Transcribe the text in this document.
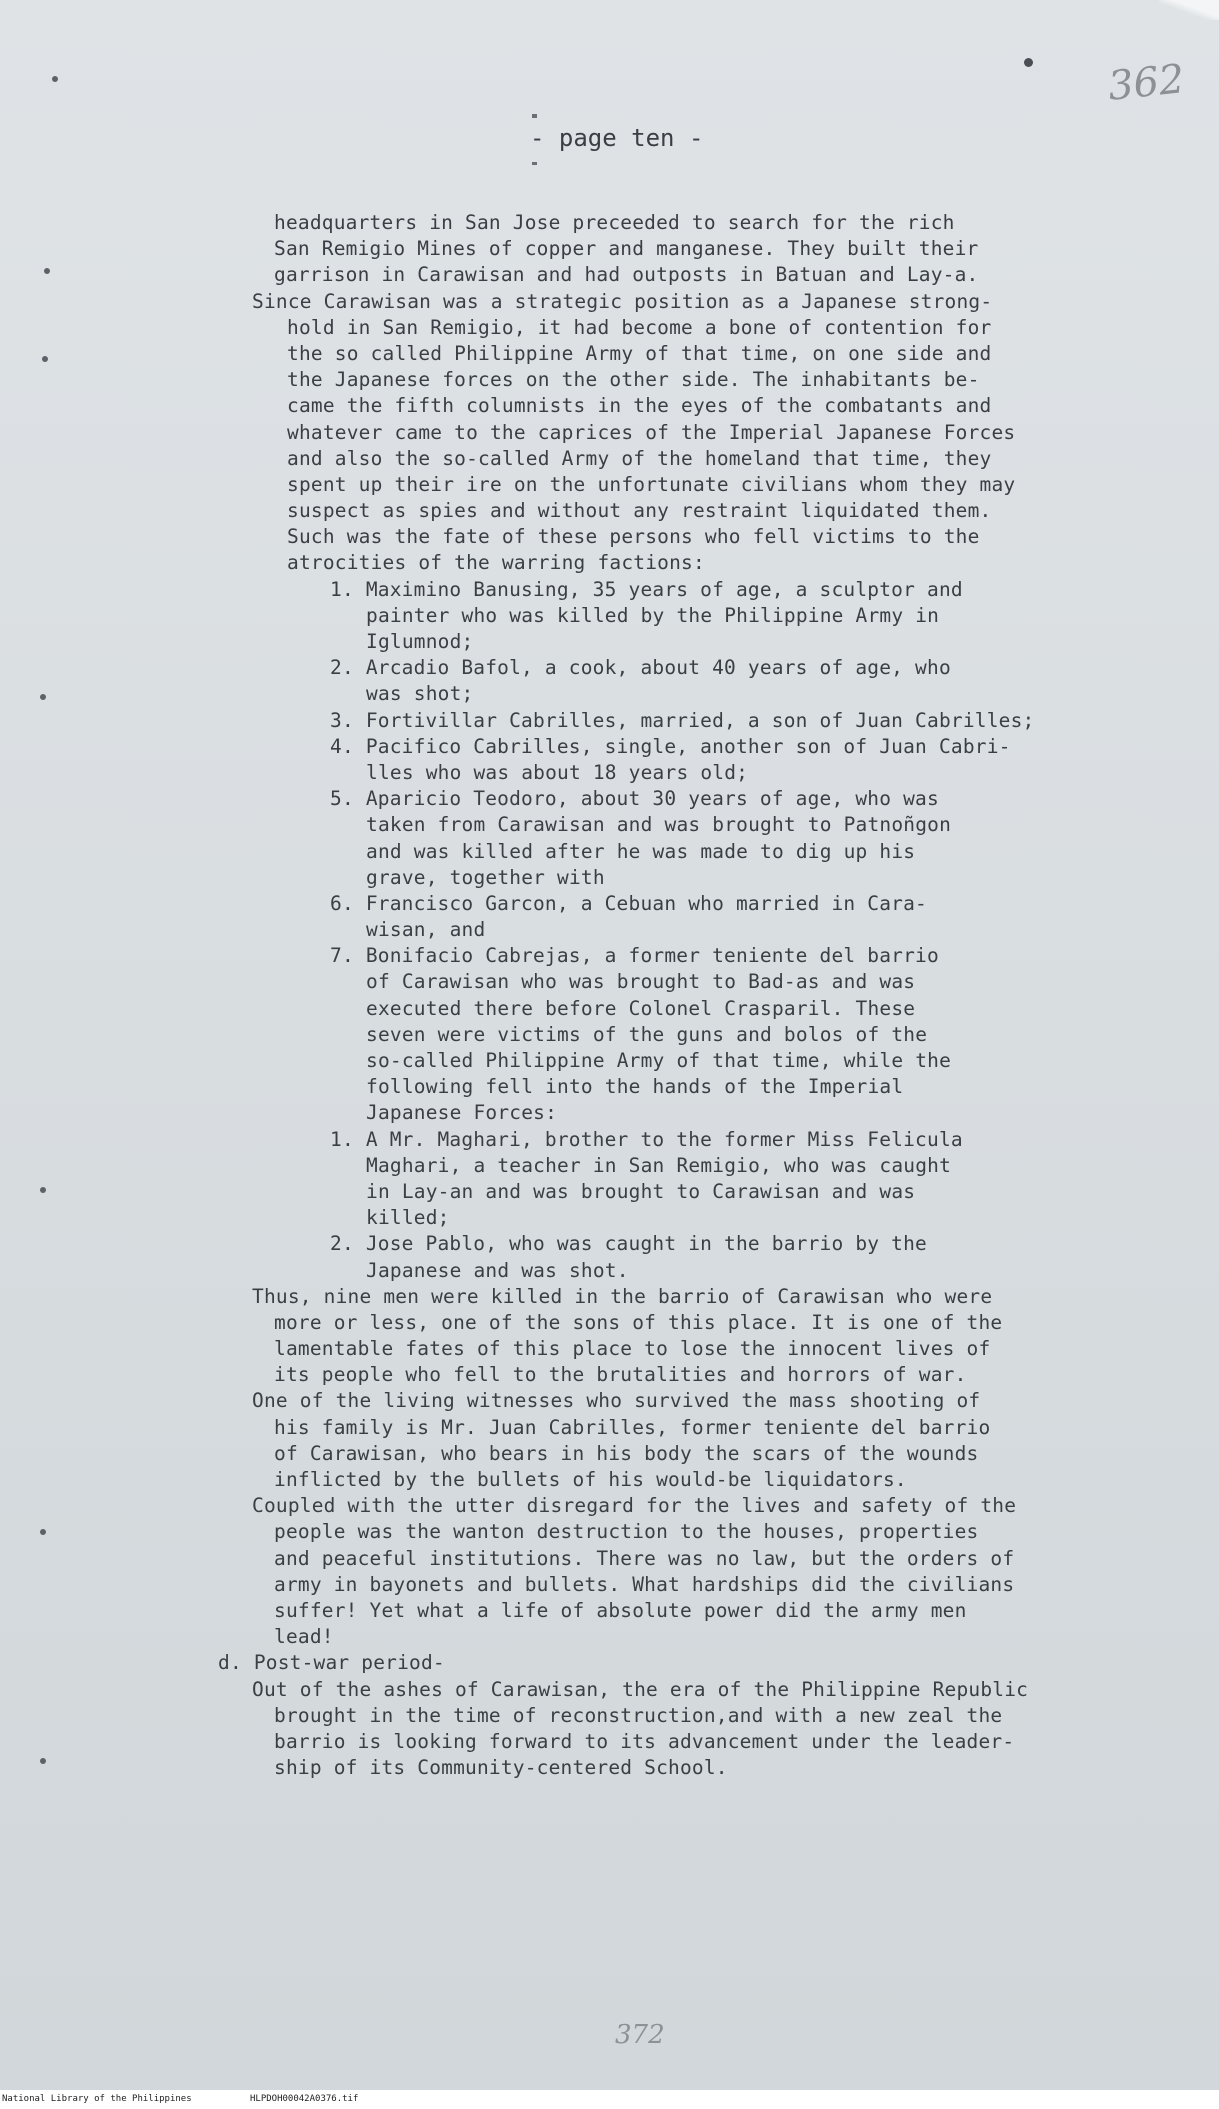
362
- page ten -
headquarters in San Jose preceeded to search for the rich
San Remigio Mines of copper and manganese. They built their
garrison in Carawisan and had outposts in Batuan and Lay-a.
Since Carawisan was a strategic position as a Japanese strong-
hold in San Remigio, it had become a bone of contention for
the so called Philippine Army of that time, on one side and
the Japanese forces on the other side. The inhabitants be-
came the fifth columnists in the eyes of the combatants and
whatever came to the caprices of the Imperial Japanese Forces
and also the so-called Army of the homeland that time, they
spent up their ire on the unfortunate civilians whom they may
suspect as spies and without any restraint liquidated them.
Such was the fate of these persons who fell victims to the
atrocities of the warring factions:
1. Maximino Banusing, 35 years of age, a sculptor and
painter who was killed by the Philippine Army in
Iglumnod;
2. Arcadio Bafol, a cook, about 40 years of age, who
was shot;
3. Fortivillar Cabrilles, married, a son of Juan Cabrilles;
4. Pacifico Cabrilles, single, another son of Juan Cabri-
lles who was about 18 years old;
5. Aparicio Teodoro, about 30 years of age, who was
taken from Carawisan and was brought to Patnoñgon
and was killed after he was made to dig up his
grave, together with
6. Francisco Garcon, a Cebuan who married in Cara-
wisan, and
7. Bonifacio Cabrejas, a former teniente del barrio
of Carawisan who was brought to Bad-as and was
executed there before Colonel Crasparil. These
seven were victims of the guns and bolos of the
so-called Philippine Army of that time, while the
following fell into the hands of the Imperial
Japanese Forces:
1. A Mr. Maghari, brother to the former Miss Felicula
Maghari, a teacher in San Remigio, who was caught
in Lay-an and was brought to Carawisan and was
killed;
2. Jose Pablo, who was caught in the barrio by the
Japanese and was shot.
Thus, nine men were killed in the barrio of Carawisan who were
more or less, one of the sons of this place. It is one of the
lamentable fates of this place to lose the innocent lives of
its people who fell to the brutalities and horrors of war.
One of the living witnesses who survived the mass shooting of
his family is Mr. Juan Cabrilles, former teniente del barrio
of Carawisan, who bears in his body the scars of the wounds
inflicted by the bullets of his would-be liquidators.
Coupled with the utter disregard for the lives and safety of the
people was the wanton destruction to the houses, properties
and peaceful institutions. There was no law, but the orders of
army in bayonets and bullets. What hardships did the civilians
suffer! Yet what a life of absolute power did the army men
lead!
d. Post-war period-
Out of the ashes of Carawisan, the era of the Philippine Republic
brought in the time of reconstruction,and with a new zeal the
barrio is looking forward to its advancement under the leader-
ship of its Community-centered School.
372
National Library of the Philippines	HLPDOH00042A0376.tif
